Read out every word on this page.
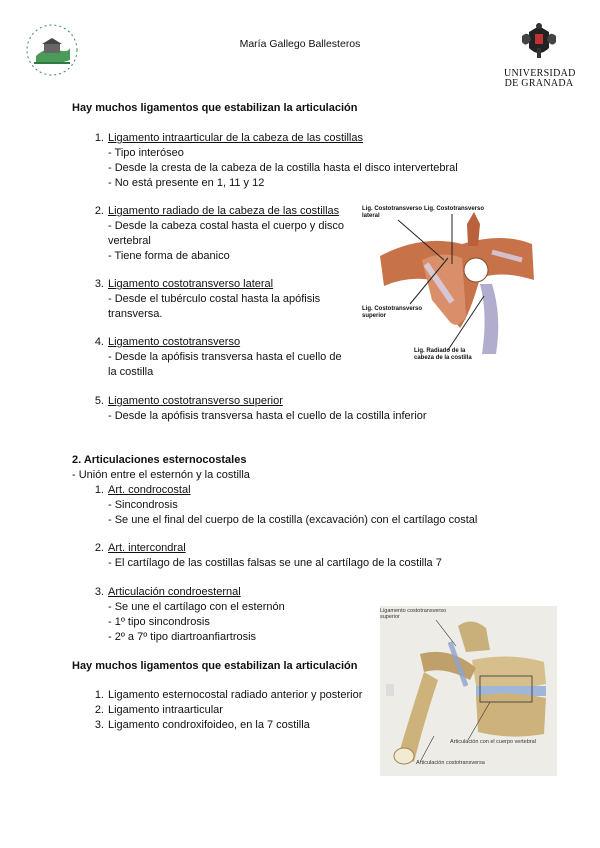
María Gallego Ballesteros
UNIVERSIDAD
DE GRANADA
Hay muchos ligamentos que estabilizan la articulación
1. Ligamento intraarticular de la cabeza de las costillas
- Tipo interóseo
- Desde la cresta de la cabeza de la costilla hasta el disco intervertebral
- No está presente en 1, 11 y 12
2. Ligamento radiado de la cabeza de las costillas
- Desde la cabeza costal hasta el cuerpo y disco
vertebral
- Tiene forma de abanico
3. Ligamento costotransverso lateral
- Desde el tubérculo costal hasta la apófisis
transversa.
4. Ligamento costotransverso
- Desde la apófisis transversa hasta el cuello de
la costilla
5. Ligamento costotransverso superior
- Desde la apófisis transversa hasta el cuello de la costilla inferior
Lig. Costotransverso lateral
Lig. Costotransverso
Lig. Costotransverso superior
Lig. Radiado de la cabeza de la costilla
2. Articulaciones esternocostales
- Unión entre el esternón y la costilla
1. Art. condrocostal
- Sincondrosis
- Se une el final del cuerpo de la costilla (excavación) con el cartílago costal
2. Art. intercondral
- El cartílago de las costillas falsas se une al cartílago de la costilla 7
3. Articulación condroesternal
- Se une el cartílago con el esternón
- 1º tipo sincondrosis
- 2º a 7º tipo diartroanfiartrosis
Hay muchos ligamentos que estabilizan la articulación
1. Ligamento esternocostal radiado anterior y posterior
2. Ligamento intraarticular
3. Ligamento condroxifoideo, en la 7 costilla
Ligamento costotransverso superior
Articulación con el cuerpo vertebral
Articulación costotransversa
